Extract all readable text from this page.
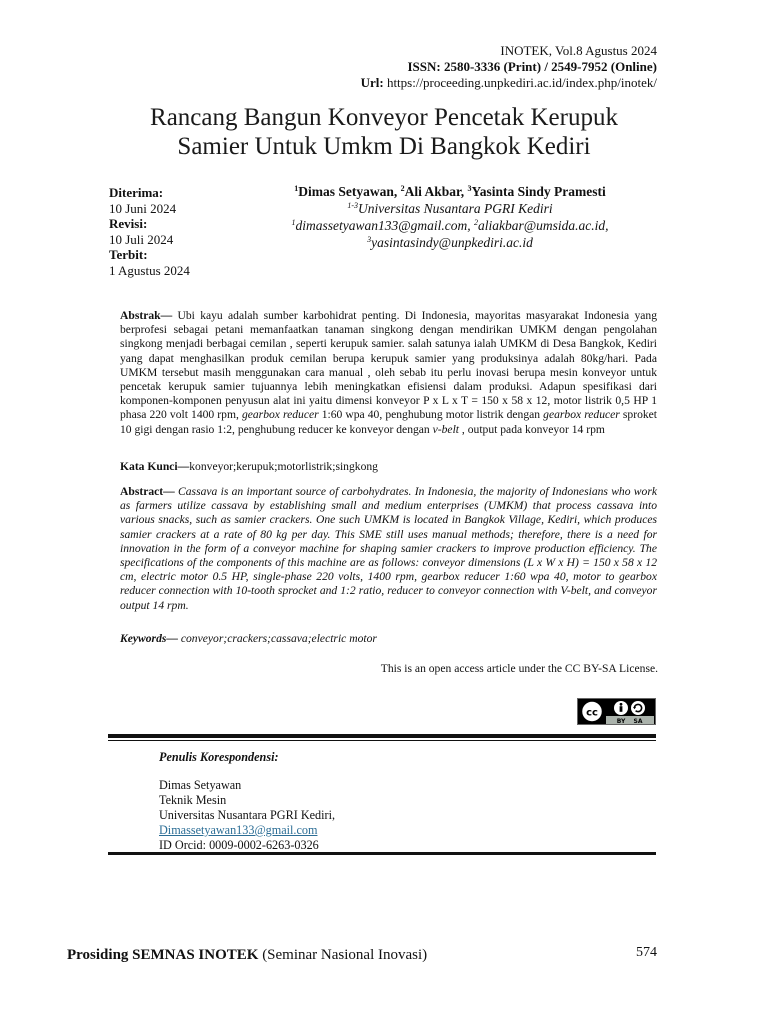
INOTEK, Vol.8 Agustus 2024
ISSN: 2580-3336 (Print) / 2549-7952 (Online)
Url: https://proceeding.unpkediri.ac.id/index.php/inotek/
Rancang Bangun Konveyor Pencetak Kerupuk
Samier Untuk Umkm Di Bangkok Kediri
Diterima:
10 Juni 2024
Revisi:
10 Juli 2024
Terbit:
1 Agustus 2024
$^1$Dimas Setyawan, $^2$Ali Akbar, $^3$Yasinta Sindy Pramesti
$^{1-3}$Universitas Nusantara PGRI Kediri
$^1$dimassetyawan133@gmail.com, $^2$aliakbar@umsida.ac.id,
$^3$yasintasindy@unpkediri.ac.id
Abstrak— Ubi kayu adalah sumber karbohidrat penting. Di Indonesia, mayoritas masyarakat Indonesia yang berprofesi sebagai petani memanfaatkan tanaman singkong dengan mendirikan UMKM dengan pengolahan singkong menjadi berbagai cemilan , seperti kerupuk samier. salah satunya ialah UMKM di Desa Bangkok, Kediri yang dapat menghasilkan produk cemilan berupa kerupuk samier yang produksinya adalah 80kg/hari. Pada UMKM tersebut masih menggunakan cara manual , oleh sebab itu perlu inovasi berupa mesin konveyor untuk pencetak kerupuk samier tujuannya lebih meningkatkan efisiensi dalam produksi. Adapun spesifikasi dari komponen-komponen penyusun alat ini yaitu dimensi konveyor P x L x T = 150 x 58 x 12, motor listrik 0,5 HP 1 phasa 220 volt 1400 rpm, gearbox reducer 1:60 wpa 40, penghubung motor listrik dengan gearbox reducer sproket 10 gigi dengan rasio 1:2, penghubung reducer ke konveyor dengan v-belt , output pada konveyor 14 rpm
Kata Kunci—konveyor;kerupuk;motorlistrik;singkong
Abstract— Cassava is an important source of carbohydrates. In Indonesia, the majority of Indonesians who work as farmers utilize cassava by establishing small and medium enterprises (UMKM) that process cassava into various snacks, such as samier crackers. One such UMKM is located in Bangkok Village, Kediri, which produces samier crackers at a rate of 80 kg per day. This SME still uses manual methods; therefore, there is a need for innovation in the form of a conveyor machine for shaping samier crackers to improve production efficiency. The specifications of the components of this machine are as follows: conveyor dimensions (L x W x H) = 150 x 58 x 12 cm, electric motor 0.5 HP, single-phase 220 volts, 1400 rpm, gearbox reducer 1:60 wpa 40, motor to gearbox reducer connection with 10-tooth sprocket and 1:2 ratio, reducer to conveyor connection with V-belt, and conveyor output 14 rpm.
Keywords— conveyor;crackers;cassava;electric motor
This is an open access article under the CC BY-SA License.
cc
BY SA
Penulis Korespondensi:
Dimas Setyawan
Teknik Mesin
Universitas Nusantara PGRI Kediri,
Dimassetyawan133@gmail.com
ID Orcid: 0009-0002-6263-0326
Prosiding SEMNAS INOTEK (Seminar Nasional Inovasi)	574
